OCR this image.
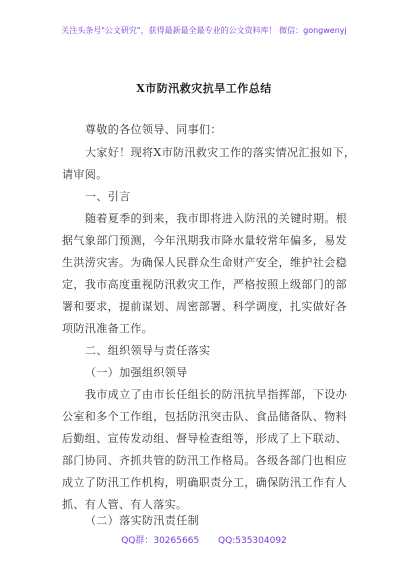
关注头条号"公文研究"，获得最新最全最专业的公文资料库！ 微信：gongwenyj
X市防汛救灾抗旱工作总结
尊敬的各位领导、同事们：
大家好！现将X市防汛救灾工作的落实情况汇报如下，
请审阅。
一、引言
随着夏季的到来，我市即将进入防汛的关键时期。根
据气象部门预测，今年汛期我市降水量较常年偏多，易发
生洪涝灾害。为确保人民群众生命财产安全，维护社会稳
定，我市高度重视防汛救灾工作，严格按照上级部门的部
署和要求，提前谋划、周密部署、科学调度，扎实做好各
项防汛准备工作。
二、组织领导与责任落实
（一）加强组织领导
我市成立了由市长任组长的防汛抗旱指挥部，下设办
公室和多个工作组，包括防汛突击队、食品储备队、物料
后勤组、宣传发动组、督导检查组等，形成了上下联动、
部门协同、齐抓共管的防汛工作格局。各级各部门也相应
成立了防汛工作机构，明确职责分工，确保防汛工作有人
抓、有人管、有人落实。
（二）落实防汛责任制
QQ群：30265665 QQ:535304092
